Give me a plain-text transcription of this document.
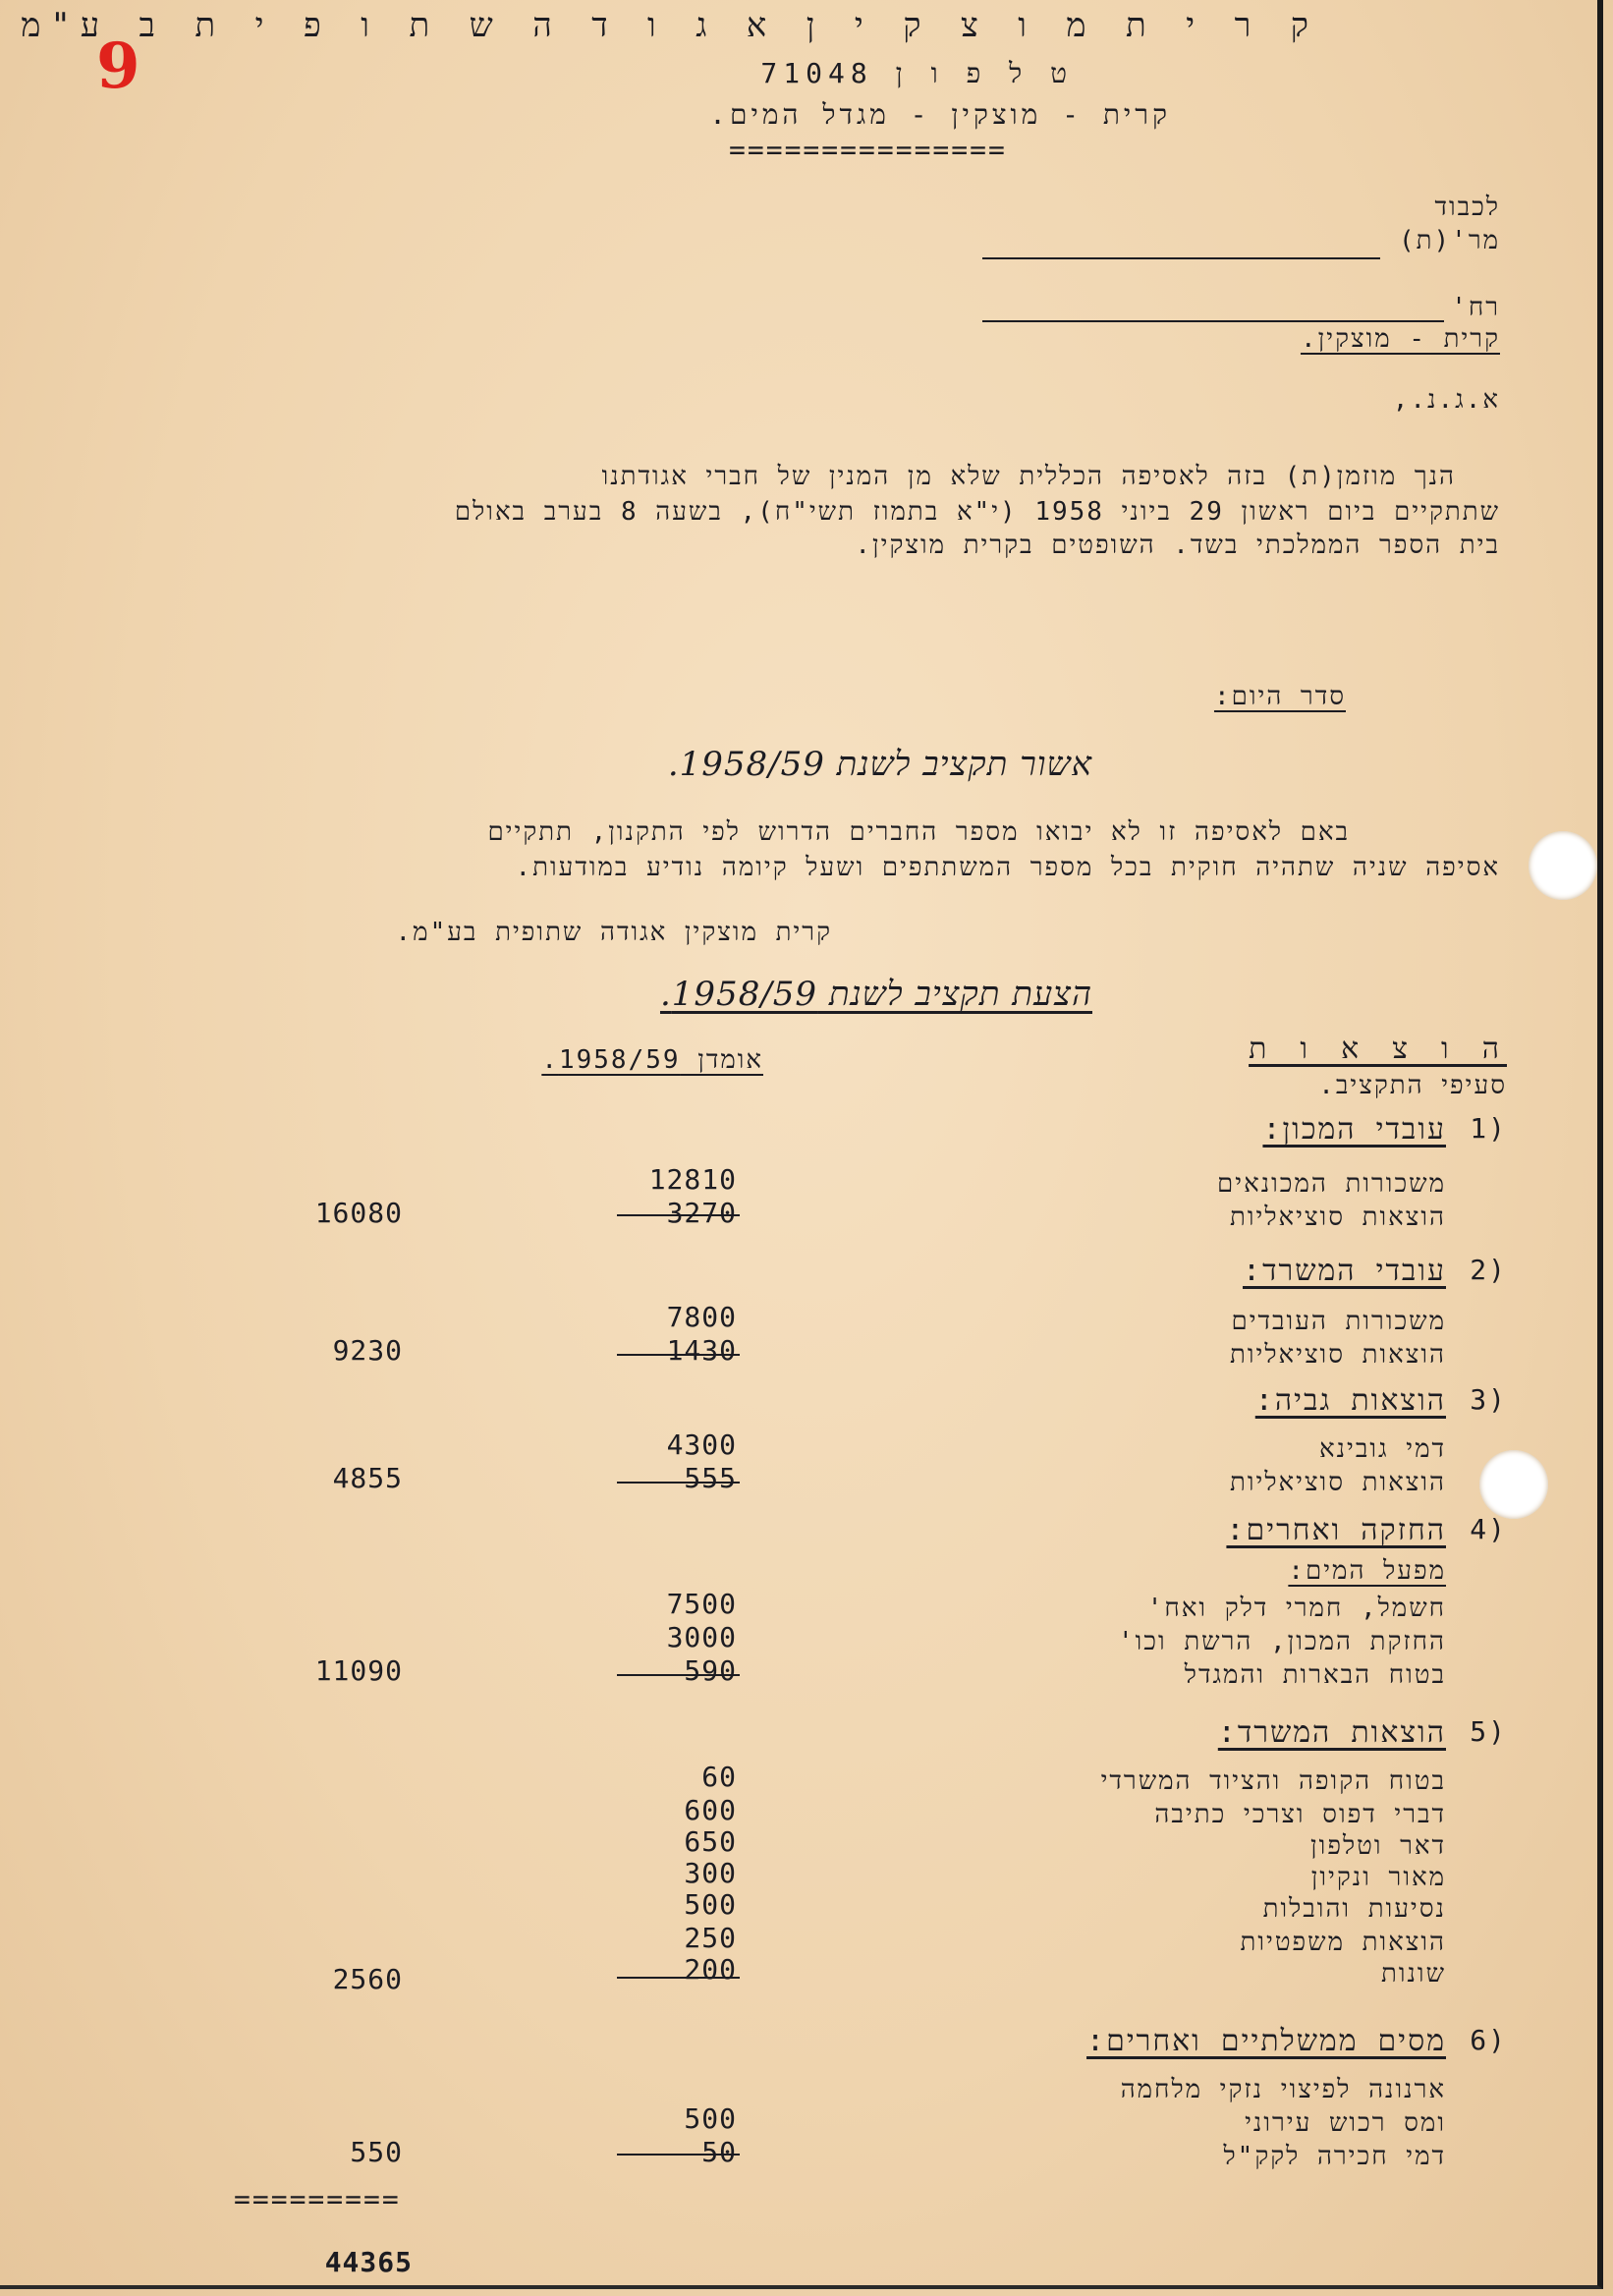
9
ק ר י ת מ ו צ ק י ן א ג ו ד ה ש ת ו פ י ת ב ע"מ
ט ל פ ו ן 71048
קרית - מוצקין - מגדל המים.
===============
לכבוד
מר'(ת)
רח'
קרית - מוצקין.
א.ג.נ.,
הנך מוזמן(ת) בזה לאסיפה הכללית שלא מן המנין של חברי אגודתנו
שתתקיים ביום ראשון 29 ביוני 1958 (י"א בתמוז תשי"ח), בשעה 8 בערב באולם
בית הספר הממלכתי בשד. השופטים בקרית מוצקין.
סדר היום:
אשור תקציב לשנת 1958/59.
באם לאסיפה זו לא יבואו מספר החברים הדרוש לפי התקנון, תתקיים
אסיפה שניה שתהיה חוקית בכל מספר המשתתפים ושעל קיומה נודיע במודעות.
קרית מוצקין אגודה שתופית בע"מ.
הצעת תקציב לשנת 1958/59.
ה ו צ א ו ת
סעיפי התקציב.
אומדן 1958/59.
1)
עובדי המכון:
משכורות המכונאים
12810
הוצאות סוציאליות
3270
16080
2)
עובדי המשרד:
משכורות העובדים
7800
הוצאות סוציאליות
1430
9230
3)
הוצאות גביה:
דמי גובינא
4300
הוצאות סוציאליות
555
4855
4)
החזקה ואחרים:
מפעל המים:
חשמל, חמרי דלק ואח'
7500
החזקת המכון, הרשת וכו'
3000
בטוח הבארות והמגדל
590
11090
5)
הוצאות המשרד:
בטוח הקופה והציוד המשרדי
60
דברי דפוס וצרכי כתיבה
600
דאר וטלפון
650
מאור ונקיון
300
נסיעות והובלות
500
הוצאות משפטיות
250
שונות
200
2560
6)
מסים ממשלתיים ואחרים:
ארנונה לפיצוי נזקי מלחמה
ומס רכוש עירוני
500
דמי חכירה לקק"ל
50
550
=========
44365
